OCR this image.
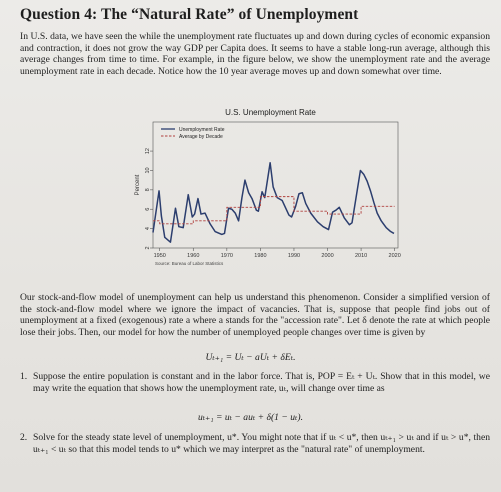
Question 4: The “Natural Rate” of Unemployment
In U.S. data, we have seen the while the unemployment rate fluctuates up and down during cycles of economic expansion and contraction, it does not grow the way GDP per Capita does. It seems to have a stable long-run average, although this average changes from time to time. For example, in the figure below, we show the unemployment rate and the average unemployment rate in each decade. Notice how the 10 year average moves up and down somewhat over time.
U.S. Unemployment Rate
2
4
6
8
10
12
1950	1960	1970	1980	1990	2000	2010	2020
Percent
Source: Bureau of Labor Statistics
Unemployment Rate
Average by Decade
Our stock-and-flow model of unemployment can help us understand this phenomenon. Consider a simplified version of the stock-and-flow model where we ignore the impact of vacancies. That is, suppose that people find jobs out of unemployment at a fixed (exogenous) rate a where a stands for the "accession rate". Let δ denote the rate at which people lose their jobs. Then, our model for how the number of unemployed people changes over time is given by
Uₜ₊₁ = Uₜ − aUₜ + δEₜ.
1. Suppose the entire population is constant and in the labor force. That is, POP = Eₜ + Uₜ. Show that in this model, we may write the equation that shows how the unemployment rate, uₜ, will change over time as
uₜ₊₁ = uₜ − auₜ + δ(1 − uₜ).
2. Solve for the steady state level of unemployment, u*. You might note that if uₜ < u*, then uₜ₊₁ > uₜ and if uₜ > u*, then uₜ₊₁ < uₜ so that this model tends to u* which we may interpret as the "natural rate" of unemployment.
